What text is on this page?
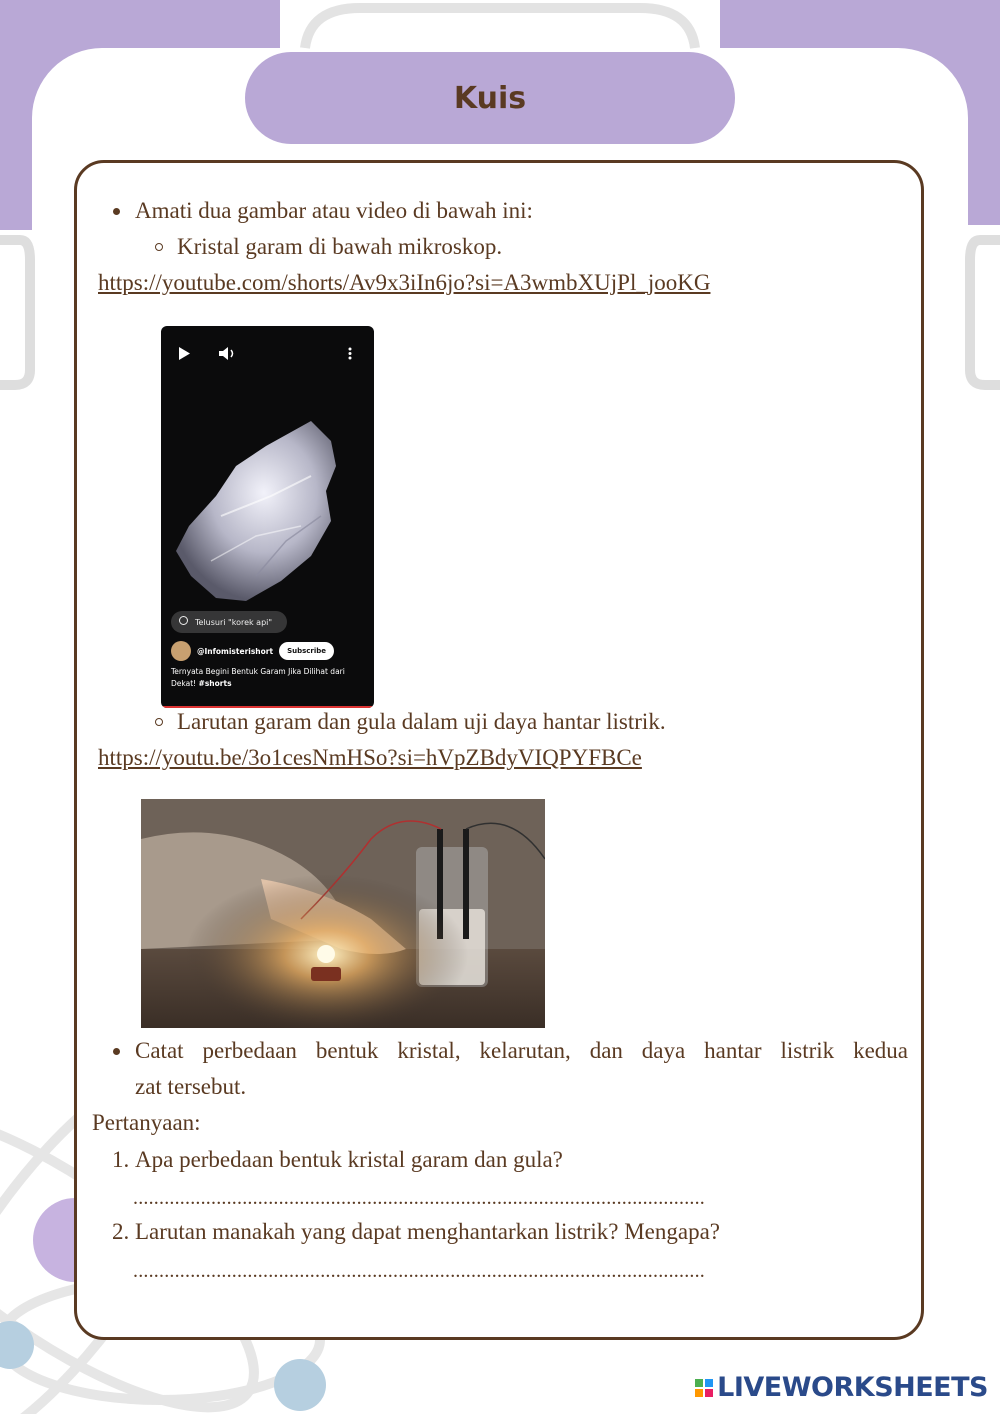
Kuis
Amati dua gambar atau video di bawah ini:
Kristal garam di bawah mikroskop.
https://youtube.com/shorts/Av9x3iIn6jo?si=A3wmbXUjPl_jooKG
Telusuri "korek api"
@Infomisterishort	Subscribe
Ternyata Begini Bentuk Garam Jika Dilihat dari Dekat! #shorts
Larutan garam dan gula dalam uji daya hantar listrik.
https://youtu.be/3o1cesNmHSo?si=hVpZBdyVIQPYFBCe
Catat perbedaan bentuk kristal, kelarutan, dan daya hantar listrik kedua
zat tersebut.
Pertanyaan:
1. Apa perbedaan bentuk kristal garam dan gula?
..............................................................................................................
2. Larutan manakah yang dapat menghantarkan listrik? Mengapa?
..............................................................................................................
LIVEWORKSHEETS
